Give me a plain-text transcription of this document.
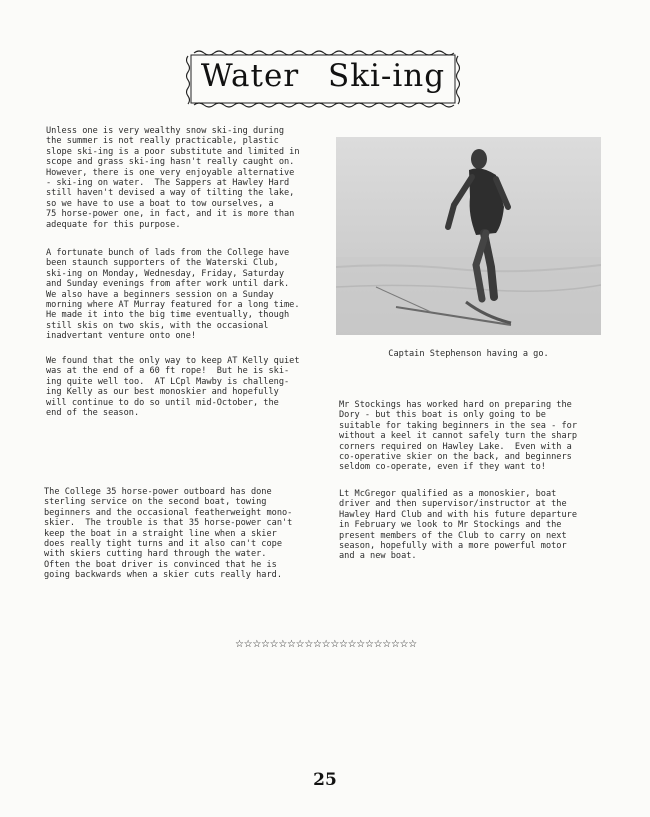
Water Ski-ing

Unless one is very wealthy snow ski-ing during
the summer is not really practicable, plastic
slope ski-ing is a poor substitute and limited in
scope and grass ski-ing hasn't really caught on.
However, there is one very enjoyable alternative
- ski-ing on water.  The Sappers at Hawley Hard
still haven't devised a way of tilting the lake,
so we have to use a boat to tow ourselves, a
75 horse-power one, in fact, and it is more than
adequate for this purpose.

A fortunate bunch of lads from the College have
been staunch supporters of the Waterski Club,
ski-ing on Monday, Wednesday, Friday, Saturday
and Sunday evenings from after work until dark.
We also have a beginners session on a Sunday
morning where AT Murray featured for a long time.
He made it into the big time eventually, though
still skis on two skis, with the occasional
inadvertant venture onto one!

We found that the only way to keep AT Kelly quiet
was at the end of a 60 ft rope!  But he is ski-
ing quite well too.  AT LCpl Mawby is challeng-
ing Kelly as our best monoskier and hopefully
will continue to do so until mid-October, the
end of the season.

The College 35 horse-power outboard has done
sterling service on the second boat, towing
beginners and the occasional featherweight mono-
skier.  The trouble is that 35 horse-power can't
keep the boat in a straight line when a skier
does really tight turns and it also can't cope
with skiers cutting hard through the water.
Often the boat driver is convinced that he is
going backwards when a skier cuts really hard.

Mr Stockings has worked hard on preparing the
Dory - but this boat is only going to be
suitable for taking beginners in the sea - for
without a keel it cannot safely turn the sharp
corners required on Hawley Lake.  Even with a
co-operative skier on the back, and beginners
seldom co-operate, even if they want to!

Lt McGregor qualified as a monoskier, boat
driver and then supervisor/instructor at the
Hawley Hard Club and with his future departure
in February we look to Mr Stockings and the
present members of the Club to carry on next
season, hopefully with a more powerful motor
and a new boat.

Captain Stephenson having a go.
☆☆☆☆☆☆☆☆☆☆☆☆☆☆☆☆☆☆☆☆☆
25
